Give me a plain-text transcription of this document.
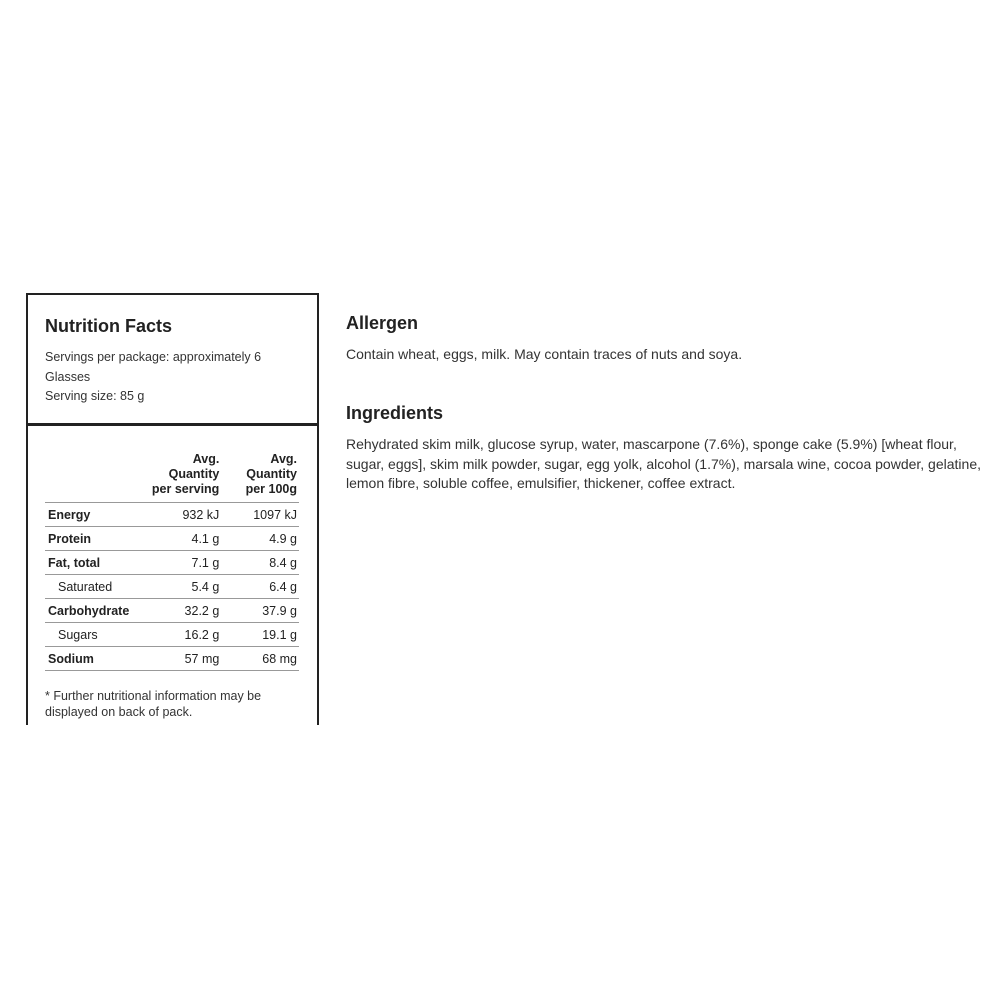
Nutrition Facts
Servings per package: approximately 6
Glasses
Serving size: 85 g
	Avg.
Quantity
per serving	Avg.
Quantity
per 100g
Energy	932 kJ	1097 kJ
Protein	4.1 g	4.9 g
Fat, total	7.1 g	8.4 g
Saturated	5.4 g	6.4 g
Carbohydrate	32.2 g	37.9 g
Sugars	16.2 g	19.1 g
Sodium	57 mg	68 mg
* Further nutritional information may be displayed on back of pack.
Allergen
Contain wheat, eggs, milk. May contain traces of nuts and soya.
Ingredients
Rehydrated skim milk, glucose syrup, water, mascarpone (7.6%), sponge cake (5.9%) [wheat flour, sugar, eggs], skim milk powder, sugar, egg yolk, alcohol (1.7%), marsala wine, cocoa powder, gelatine, lemon fibre, soluble coffee, emulsifier, thickener, coffee extract.
